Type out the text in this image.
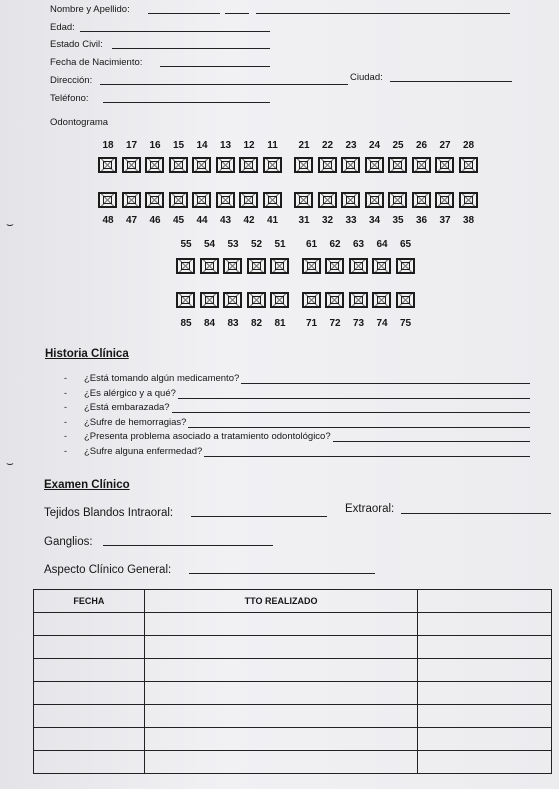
Nombre y Apellido:
Edad:
Estado Civil:
Fecha de Nacimiento:
Dirección:	Ciudad:
Teléfono:
Odontograma
18	17	16	15	14	13	12	11	21	22	23	24	25	26	27	28
48	47	46	45	44	43	42	41	31	32	33	34	35	36	37	38
55	54	53	52	51	61	62	63	64	65
85	84	83	82	81	71	72	73	74	75
⌣
Historia Clínica
- ¿Está tomando algún medicamento?
- ¿Es alérgico y a qué?
- ¿Está embarazada?
- ¿Sufre de hemorragias?
- ¿Presenta problema asociado a tratamiento odontológico?
- ¿Sufre alguna enfermedad?
⌣
Examen Clínico
Tejidos Blandos Intraoral:	Extraoral:
Ganglios:
Aspecto Clínico General:
FECHA	TTO REALIZADO	
